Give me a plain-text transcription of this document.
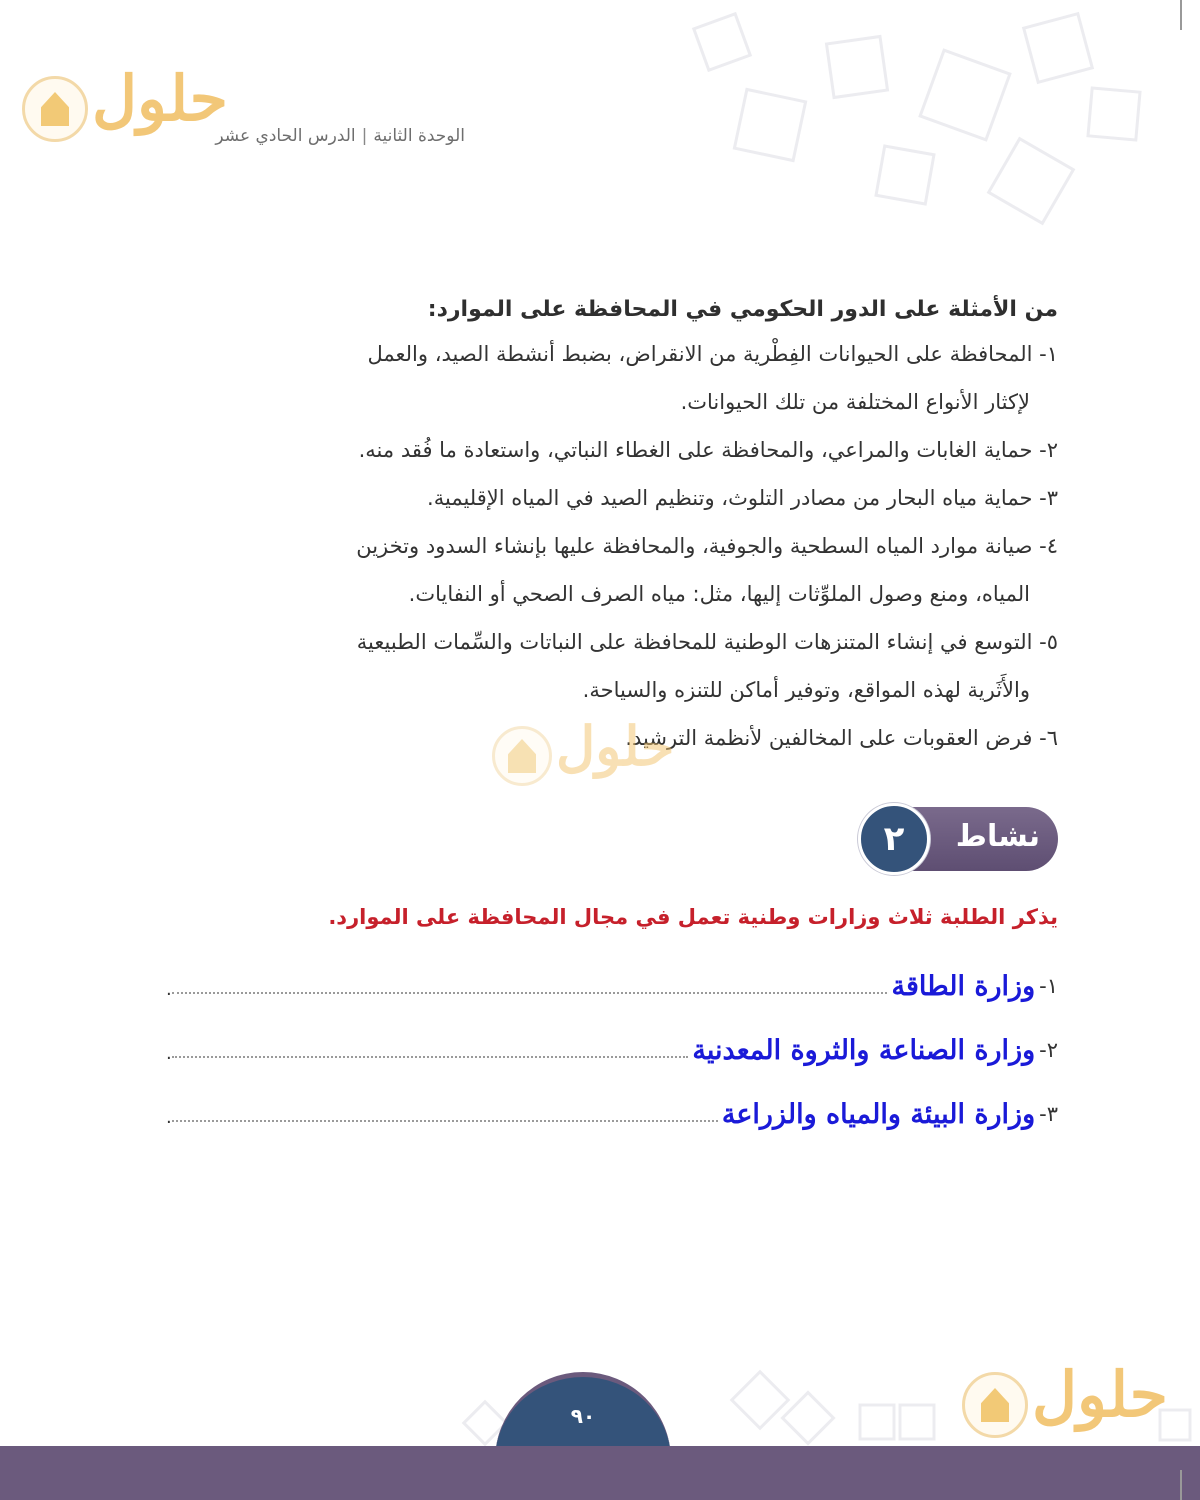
حلول
الوحدة الثانية|الدرس الحادي عشر
من الأمثلة على الدور الحكومي في المحافظة على الموارد:
١- المحافظة على الحيوانات الفِطْرية من الانقراض، بضبط أنشطة الصيد، والعمل
لإكثار الأنواع المختلفة من تلك الحيوانات.
٢- حماية الغابات والمراعي، والمحافظة على الغطاء النباتي، واستعادة ما فُقد منه.
٣- حماية مياه البحار من مصادر التلوث، وتنظيم الصيد في المياه الإقليمية.
٤- صيانة موارد المياه السطحية والجوفية، والمحافظة عليها بإنشاء السدود وتخزين
المياه، ومنع وصول الملوِّثات إليها، مثل: مياه الصرف الصحي أو النفايات.
٥- التوسع في إنشاء المتنزهات الوطنية للمحافظة على النباتات والسِّمات الطبيعية
والأَثَرية لهذه المواقع، وتوفير أماكن للتنزه والسياحة.
٦- فرض العقوبات على المخالفين لأنظمة الترشيد.
حلول
نشاط
٢
يذكر الطلبة ثلاث وزارات وطنية تعمل في مجال المحافظة على الموارد.
١-
وزارة الطاقة
.
٢-
وزارة الصناعة والثروة المعدنية
.
٣-
وزارة البيئة والمياه والزراعة
.
حلول
٩٠
